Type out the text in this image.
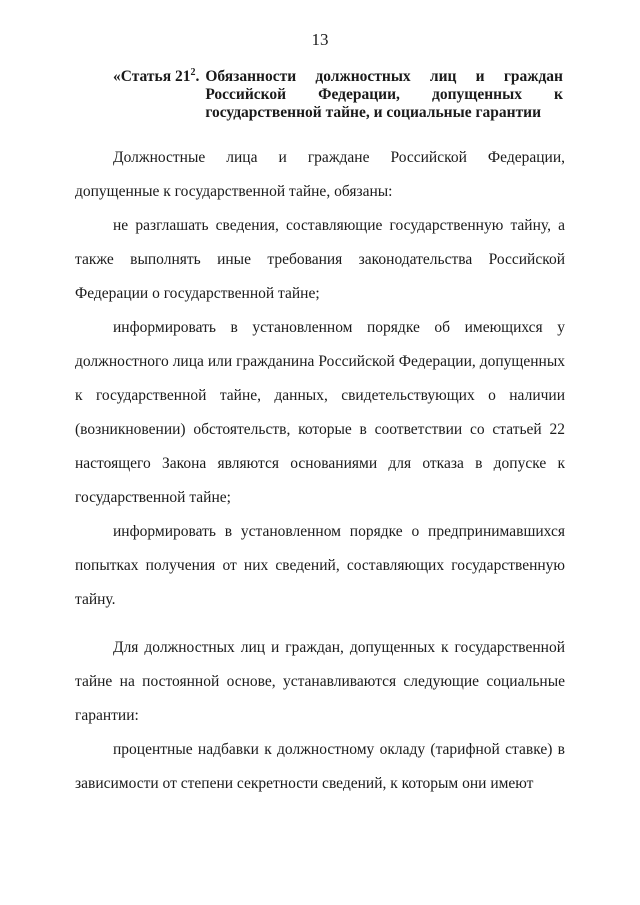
13
«Статья $21^2$. Обязанности должностных лиц и граждан Российской Федерации, допущенных к государственной тайне, и социальные гарантии

Должностные лица и граждане Российской Федерации, допущенные к государственной тайне, обязаны:

не разглашать сведения, составляющие государственную тайну, а также выполнять иные требования законодательства Российской Федерации о государственной тайне;

информировать в установленном порядке об имеющихся у должностного лица или гражданина Российской Федерации, допущенных к государственной тайне, данных, свидетельствующих о наличии (возникновении) обстоятельств, которые в соответствии со статьей 22 настоящего Закона являются основаниями для отказа в допуске к государственной тайне;

информировать в установленном порядке о предпринимавшихся попытках получения от них сведений, составляющих государственную тайну.

Для должностных лиц и граждан, допущенных к государственной тайне на постоянной основе, устанавливаются следующие социальные гарантии:

процентные надбавки к должностному окладу (тарифной ставке) в зависимости от степени секретности сведений, к которым они имеют
